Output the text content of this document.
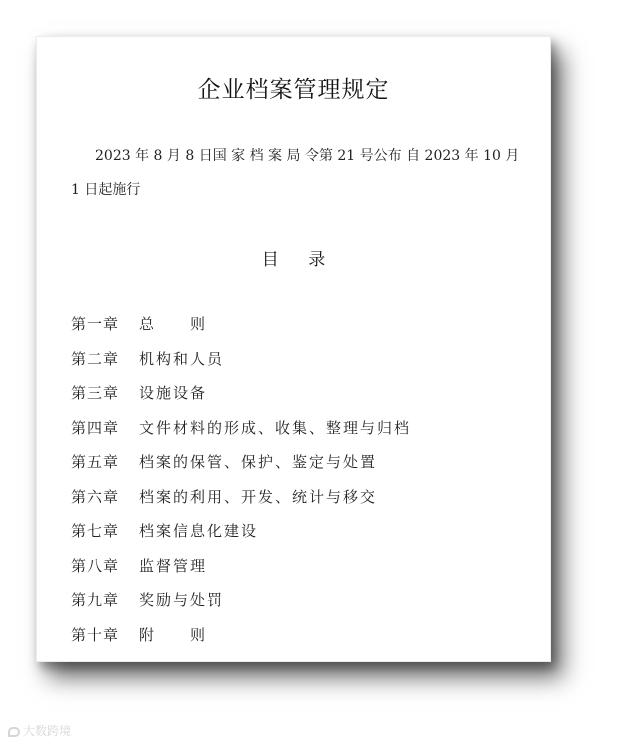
企业档案管理规定
2023 年 8 月 8 日国 家 档 案 局 令第 21 号公布 自 2023 年 10 月 1 日起施行
目 录
第一章 总　　则
第二章 机构和人员
第三章 设施设备
第四章 文件材料的形成、收集、整理与归档
第五章 档案的保管、保护、鉴定与处置
第六章 档案的利用、开发、统计与移交
第七章 档案信息化建设
第八章 监督管理
第九章 奖励与处罚
第十章 附　　则
大数跨境
